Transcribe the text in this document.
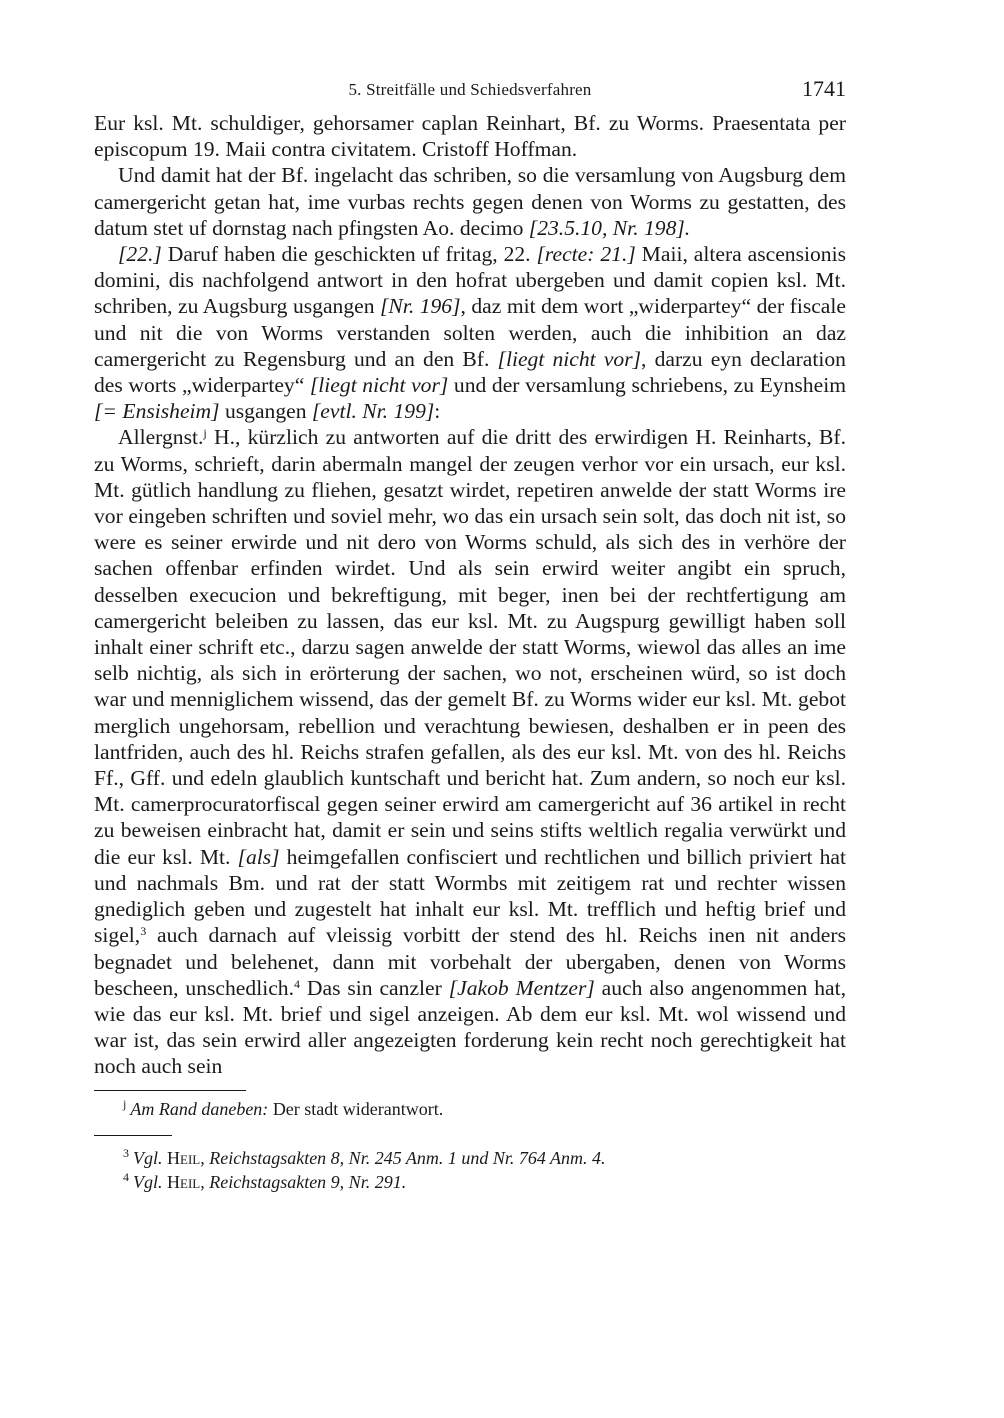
5. Streitfälle und Schiedsverfahren	1741

Eur ksl. Mt. schuldiger, gehorsamer caplan Reinhart, Bf. zu Worms. Praesentata per episcopum 19. Maii contra civitatem. Cristoff Hoffman.

Und damit hat der Bf. ingelacht das schriben, so die versamlung von Augsburg dem camergericht getan hat, ime vurbas rechts gegen denen von Worms zu gestatten, des datum stet uf dornstag nach pfingsten Ao. decimo [23.5.10, Nr. 198].

[22.] Daruf haben die geschickten uf fritag, 22. [recte: 21.] Maii, altera ascensionis domini, dis nachfolgend antwort in den hofrat ubergeben und damit copien ksl. Mt. schriben, zu Augsburg usgangen [Nr. 196], daz mit dem wort „widerpartey“ der fiscale und nit die von Worms verstanden solten werden, auch die inhibition an daz camergericht zu Regensburg und an den Bf. [liegt nicht vor], darzu eyn declaration des worts „widerpartey“ [liegt nicht vor] und der versamlung schriebens, zu Eynsheim [= Ensisheim] usgangen [evtl. Nr. 199]:

Allergnst.$^j$ H., kürzlich zu antworten auf die dritt des erwirdigen H. Reinharts, Bf. zu Worms, schrieft, darin abermaln mangel der zeugen verhor vor ein ursach, eur ksl. Mt. gütlich handlung zu fliehen, gesatzt wirdet, repetiren anwelde der statt Worms ire vor eingeben schriften und soviel mehr, wo das ein ursach sein solt, das doch nit ist, so were es seiner erwirde und nit dero von Worms schuld, als sich des in verhöre der sachen offenbar erfinden wirdet. Und als sein erwird weiter angibt ein spruch, desselben execucion und bekreftigung, mit beger, inen bei der rechtfertigung am camergericht beleiben zu lassen, das eur ksl. Mt. zu Augspurg gewilligt haben soll inhalt einer schrift etc., darzu sagen anwelde der statt Worms, wiewol das alles an ime selb nichtig, als sich in erörterung der sachen, wo not, erscheinen würd, so ist doch war und menniglichem wissend, das der gemelt Bf. zu Worms wider eur ksl. Mt. gebot merglich ungehorsam, rebellion und verachtung bewiesen, deshalben er in peen des lantfriden, auch des hl. Reichs strafen gefallen, als des eur ksl. Mt. von des hl. Reichs Ff., Gff. und edeln glaublich kuntschaft und bericht hat. Zum andern, so noch eur ksl. Mt. camerprocuratorfiscal gegen seiner erwird am camergericht auf 36 artikel in recht zu beweisen einbracht hat, damit er sein und seins stifts weltlich regalia verwürkt und die eur ksl. Mt. [als] heimgefallen confisciert und rechtlichen und billich priviert hat und nachmals Bm. und rat der statt Wormbs mit zeitigem rat und rechter wissen gnediglich geben und zugestelt hat inhalt eur ksl. Mt. trefflich und heftig brief und sigel,$^3$ auch darnach auf vleissig vorbitt der stend des hl. Reichs inen nit anders begnadet und belehenet, dann mit vorbehalt der ubergaben, denen von Worms bescheen, unschedlich.$^4$ Das sin canzler [Jakob Mentzer] auch also angenommen hat, wie das eur ksl. Mt. brief und sigel anzeigen. Ab dem eur ksl. Mt. wol wissend und war ist, das sein erwird aller angezeigten forderung kein recht noch gerechtigkeit hat noch auch sein

$^j$ Am Rand daneben: Der stadt widerantwort.
$^3$ Vgl. Heil, Reichstagsakten 8, Nr. 245 Anm. 1 und Nr. 764 Anm. 4.
$^4$ Vgl. Heil, Reichstagsakten 9, Nr. 291.
